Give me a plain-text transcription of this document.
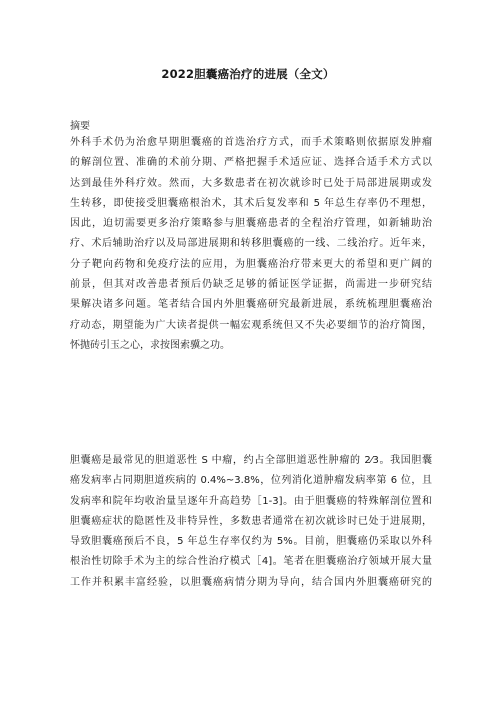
2022胆囊癌治疗的进展（全文）
摘要
外科手术仍为治愈早期胆囊癌的首选治疗方式，而手术策略则依据原发肿瘤
的解剖位置、准确的术前分期、严格把握手术适应证、选择合适手术方式以
达到最佳外科疗效。然而，大多数患者在初次就诊时已处于局部进展期或发
生转移，即使接受胆囊癌根治术，其术后复发率和 5 年总生存率仍不理想，
因此，迫切需要更多治疗策略参与胆囊癌患者的全程治疗管理，如新辅助治
疗、术后辅助治疗以及局部进展期和转移胆囊癌的一线、二线治疗。近年来，
分子靶向药物和免疫疗法的应用，为胆囊癌治疗带来更大的希望和更广阔的
前景，但其对改善患者预后仍缺乏足够的循证医学证据，尚需进一步研究结
果解决诸多问题。笔者结合国内外胆囊癌研究最新进展，系统梳理胆囊癌治
疗动态，期望能为广大读者提供一幅宏观系统但又不失必要细节的治疗简图，
怀抛砖引玉之心，求按图索骥之功。
胆囊癌是最常见的胆道恶性 S 中瘤，约占全部胆道恶性肿瘤的 2⁄3。我国胆囊
癌发病率占同期胆道疾病的 0.4%~3.8%，位列消化道肿瘤发病率第 6 位，且
发病率和院年均收治量呈逐年升高趋势［1-3]。由于胆囊癌的特殊解剖位置和
胆囊癌症状的隐匿性及非特异性，多数患者通常在初次就诊时已处于进展期，
导致胆囊癌预后不良，5 年总生存率仅约为 5%。目前，胆囊癌仍采取以外科
根治性切除手术为主的综合性治疗模式［4]。笔者在胆囊癌治疗领域开展大量
工作并积累丰富经验，以胆囊癌病情分期为导向，结合国内外胆囊癌研究的
